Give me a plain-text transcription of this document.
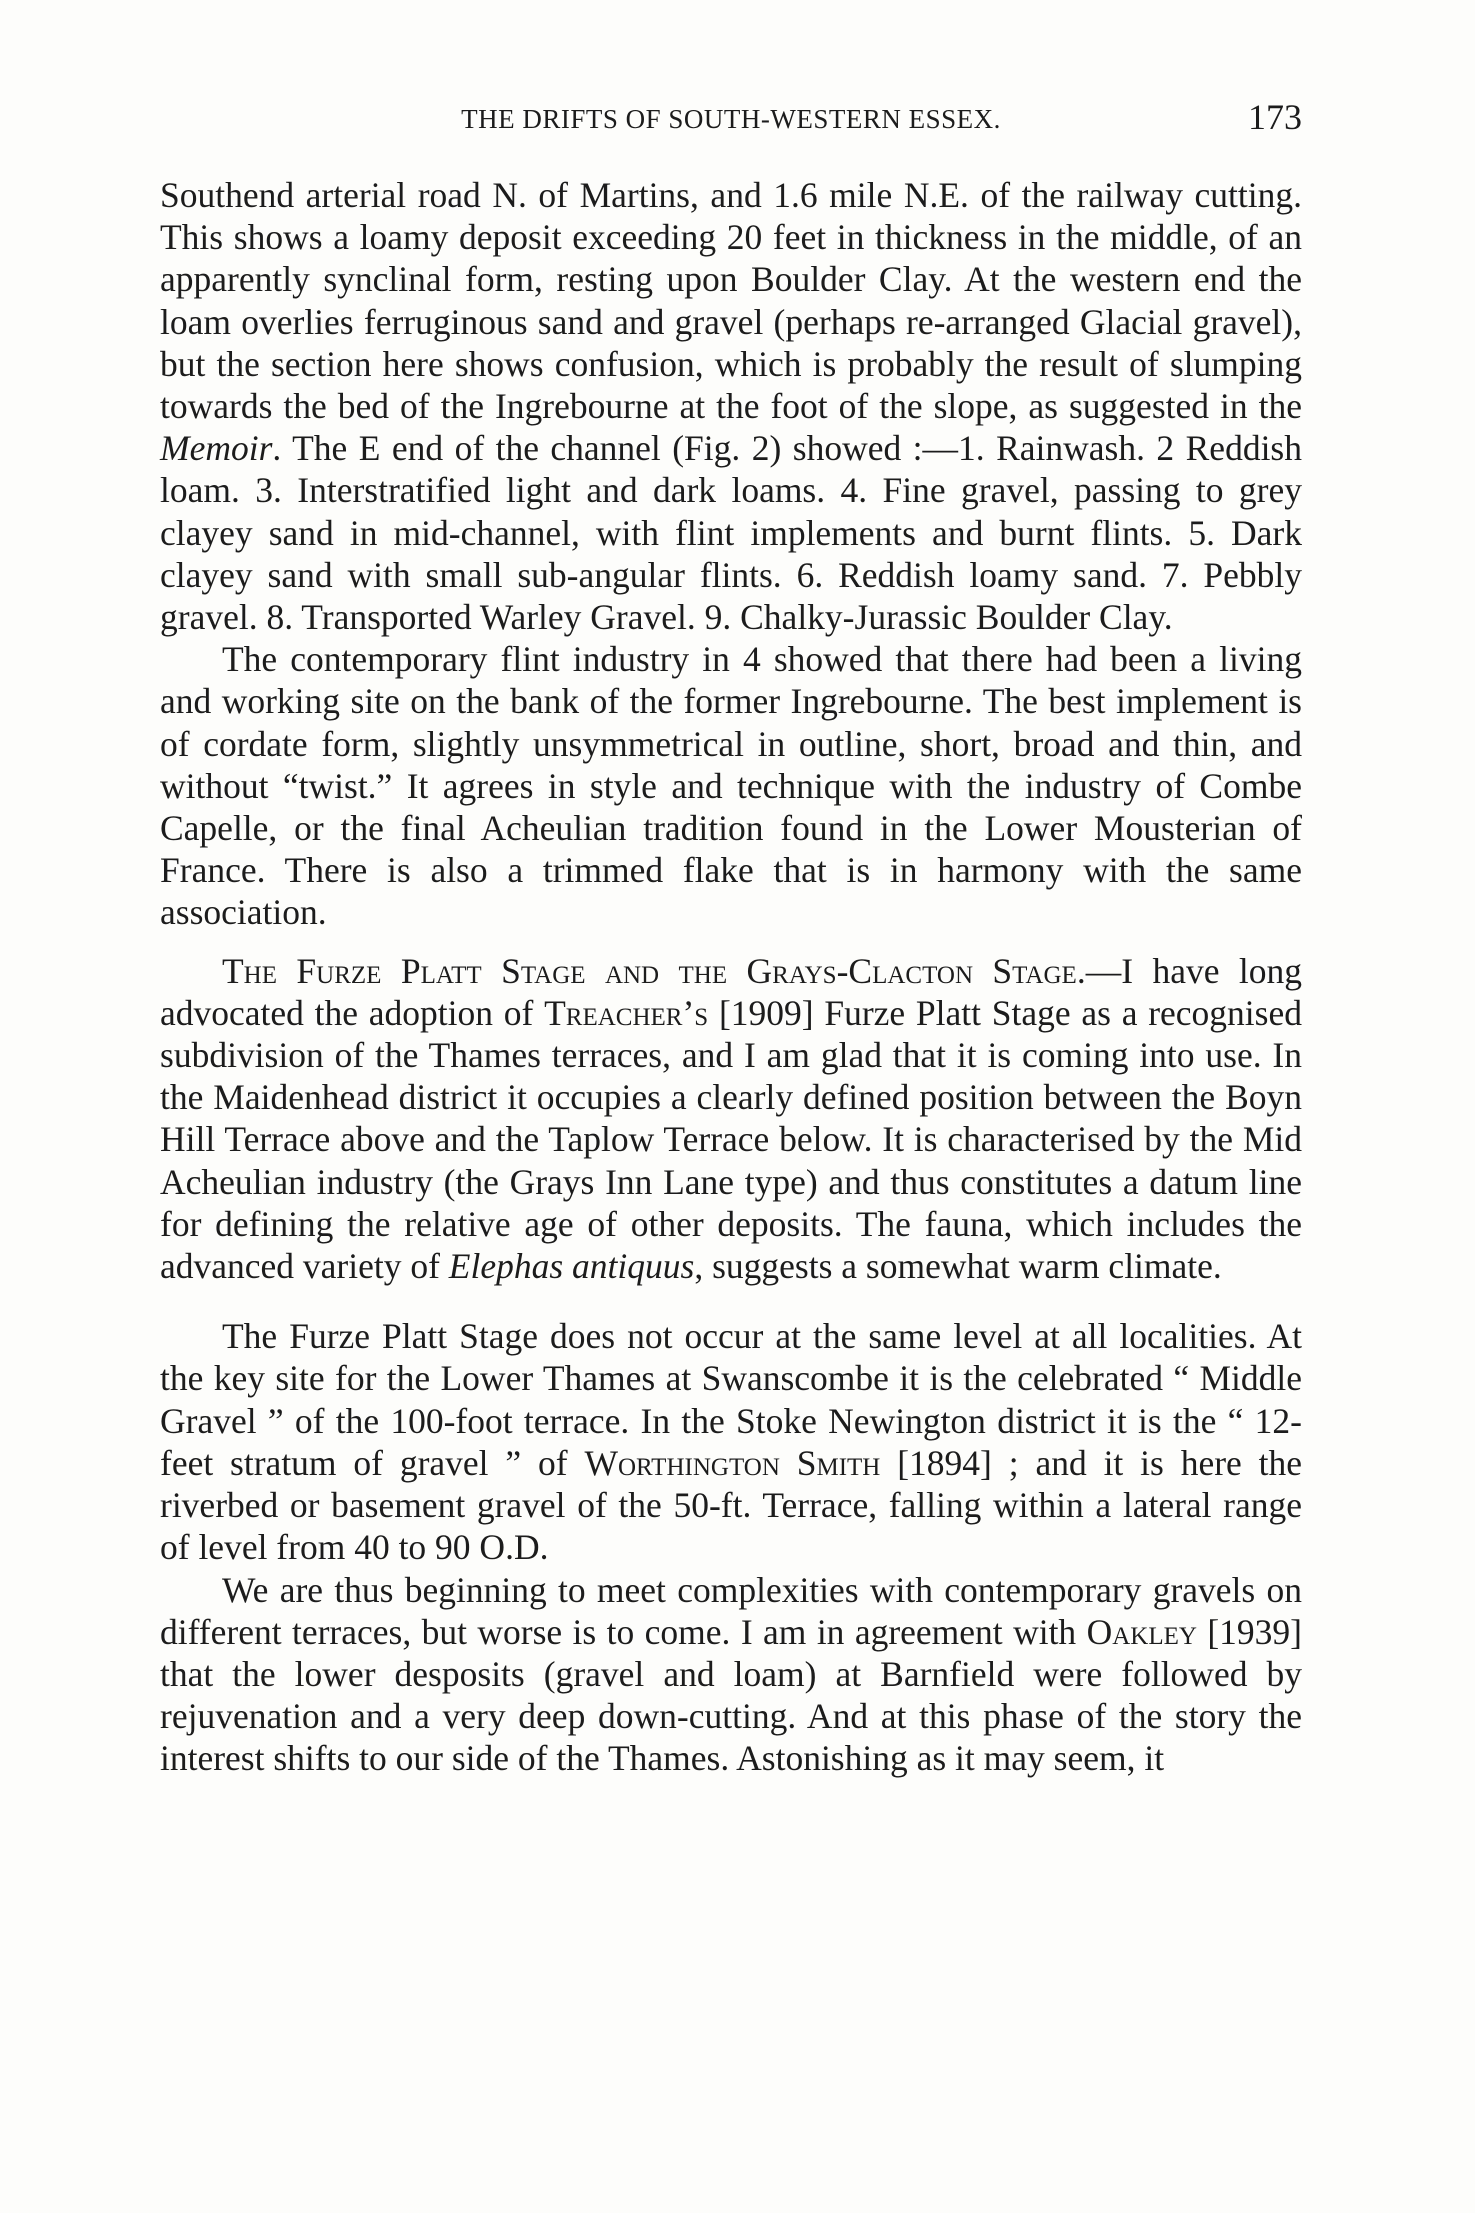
THE DRIFTS OF SOUTH-WESTERN ESSEX.	173

Southend arterial road N. of Martins, and 1.6 mile N.E. of the railway cutting. This shows a loamy deposit exceeding 20 feet in thickness in the middle, of an apparently synclinal form, resting upon Boulder Clay. At the western end the loam overlies ferruginous sand and gravel (perhaps re-arranged Glacial gravel), but the section here shows confusion, which is probably the result of slumping towards the bed of the Ingrebourne at the foot of the slope, as suggested in the Memoir. The E end of the channel (Fig. 2) showed :—1. Rainwash. 2 Reddish loam. 3. Interstratified light and dark loams. 4. Fine gravel, passing to grey clayey sand in mid-channel, with flint implements and burnt flints. 5. Dark clayey sand with small sub-angular flints. 6. Reddish loamy sand. 7. Pebbly gravel. 8. Transported Warley Gravel. 9. Chalky-Jurassic Boulder Clay.

The contemporary flint industry in 4 showed that there had been a living and working site on the bank of the former Ingrebourne. The best implement is of cordate form, slightly unsymmetrical in outline, short, broad and thin, and without “twist.” It agrees in style and technique with the industry of Combe Capelle, or the final Acheulian tradition found in the Lower Mousterian of France. There is also a trimmed flake that is in harmony with the same association.

The Furze Platt Stage and the Grays-Clacton Stage.—I have long advocated the adoption of Treacher’s [1909] Furze Platt Stage as a recognised subdivision of the Thames terraces, and I am glad that it is coming into use. In the Maidenhead district it occupies a clearly defined position between the Boyn Hill Terrace above and the Taplow Terrace below. It is characterised by the Mid Acheulian industry (the Grays Inn Lane type) and thus constitutes a datum line for defining the relative age of other deposits. The fauna, which includes the advanced variety of Elephas antiquus, suggests a somewhat warm climate.

The Furze Platt Stage does not occur at the same level at all localities. At the key site for the Lower Thames at Swanscombe it is the celebrated “ Middle Gravel ” of the 100-foot terrace. In the Stoke Newington district it is the “ 12-feet stratum of gravel ” of Worthington Smith [1894] ; and it is here the riverbed or basement gravel of the 50-ft. Terrace, falling within a lateral range of level from 40 to 90 O.D.

We are thus beginning to meet complexities with contemporary gravels on different terraces, but worse is to come. I am in agreement with Oakley [1939] that the lower desposits (gravel and loam) at Barnfield were followed by rejuvenation and a very deep down-cutting. And at this phase of the story the interest shifts to our side of the Thames. Astonishing as it may seem, it
